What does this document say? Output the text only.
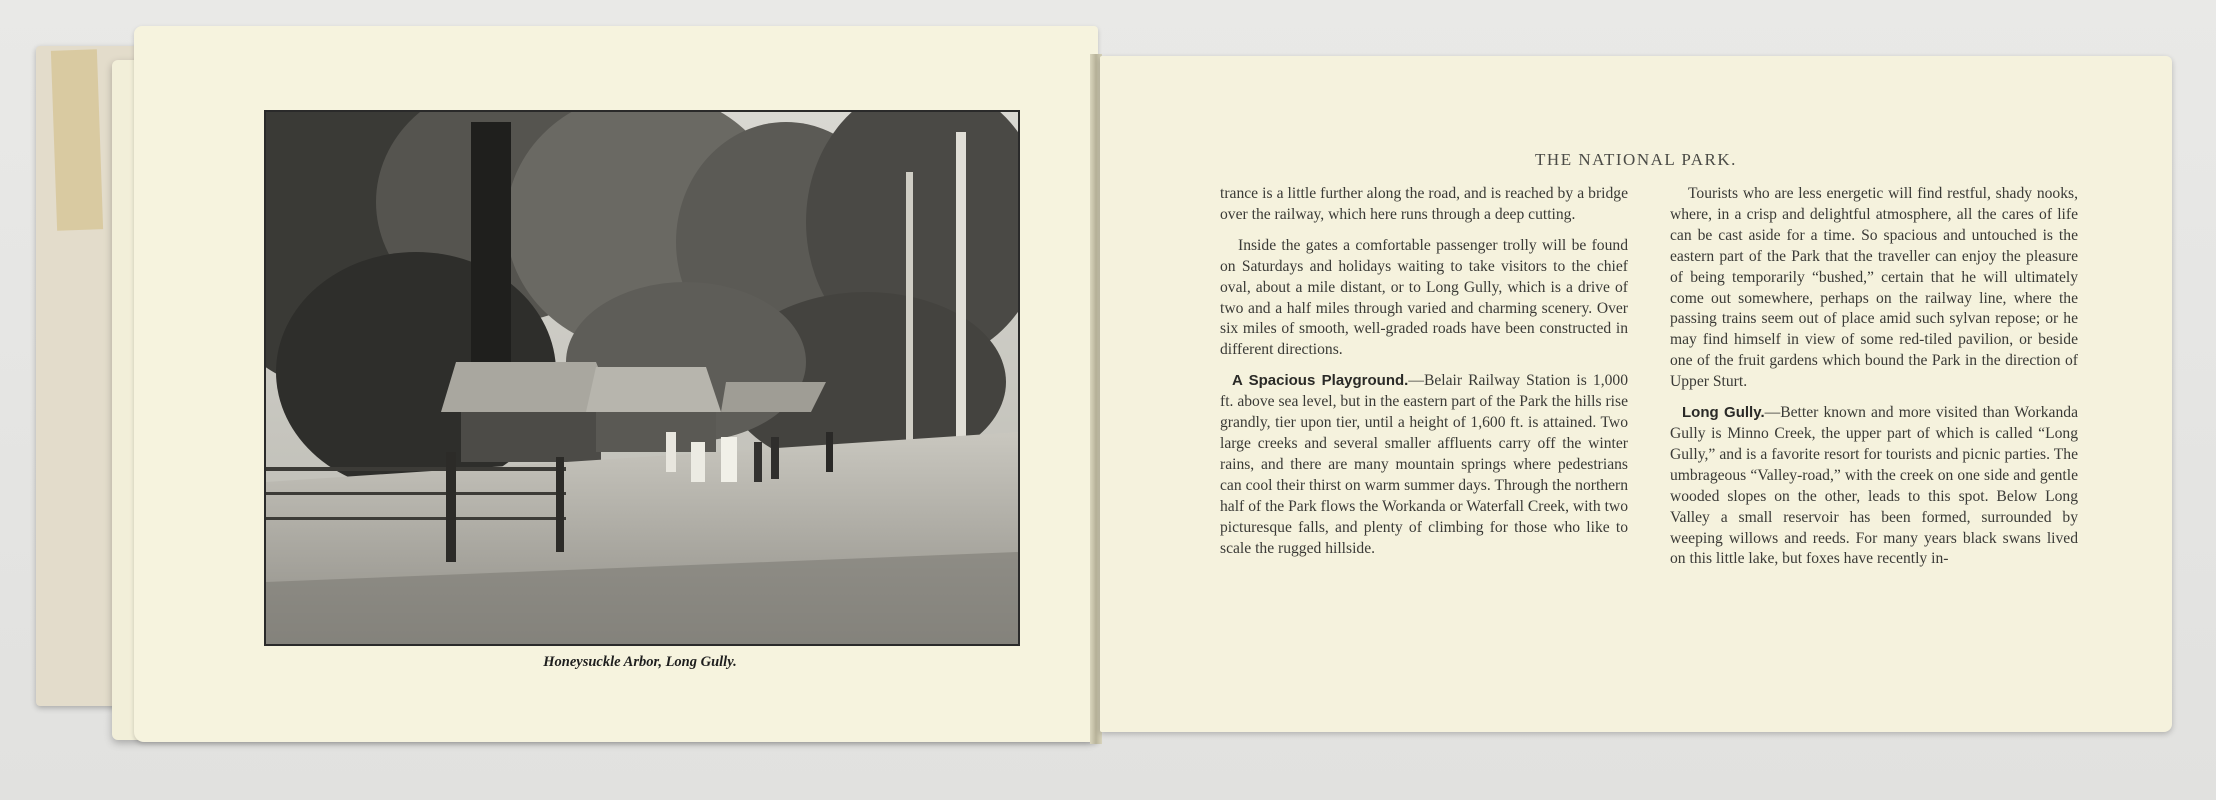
Honeysuckle Arbor, Long Gully.
THE NATIONAL PARK.

trance is a little further along the road, and is reached by a bridge over the railway, which here runs through a deep cutting.

Inside the gates a comfortable passenger trolly will be found on Saturdays and holidays waiting to take visitors to the chief oval, about a mile distant, or to Long Gully, which is a drive of two and a half miles through varied and charming scenery. Over six miles of smooth, well-graded roads have been constructed in different directions.

A Spacious Playground.—Belair Railway Station is 1,000 ft. above sea level, but in the eastern part of the Park the hills rise grandly, tier upon tier, until a height of 1,600 ft. is attained. Two large creeks and several smaller affluents carry off the winter rains, and there are many mountain springs where pedestrians can cool their thirst on warm summer days. Through the northern half of the Park flows the Workanda or Waterfall Creek, with two picturesque falls, and plenty of climbing for those who like to scale the rugged hillside.

Tourists who are less energetic will find restful, shady nooks, where, in a crisp and delightful atmosphere, all the cares of life can be cast aside for a time. So spacious and untouched is the eastern part of the Park that the traveller can enjoy the pleasure of being temporarily “bushed,” certain that he will ultimately come out somewhere, perhaps on the railway line, where the passing trains seem out of place amid such sylvan repose; or he may find himself in view of some red-tiled pavilion, or beside one of the fruit gardens which bound the Park in the direction of Upper Sturt.

Long Gully.—Better known and more visited than Workanda Gully is Minno Creek, the upper part of which is called “Long Gully,” and is a favorite resort for tourists and picnic parties. The umbrageous “Valley-road,” with the creek on one side and gentle wooded slopes on the other, leads to this spot. Below Long Valley a small reservoir has been formed, surrounded by weeping willows and reeds. For many years black swans lived on this little lake, but foxes have recently in-
